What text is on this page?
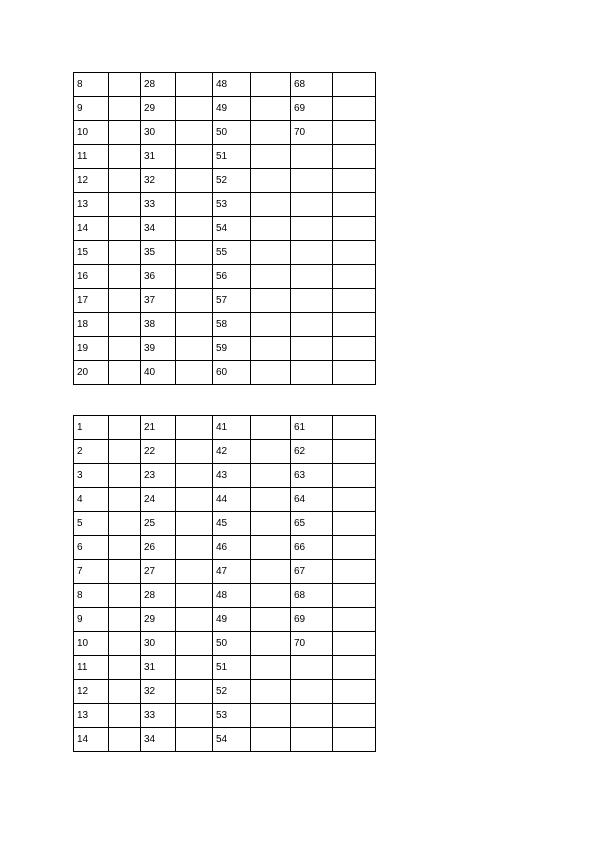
8		28		48		68	
9		29		49		69	
10		30		50		70	
11		31		51			
12		32		52			
13		33		53			
14		34		54			
15		35		55			
16		36		56			
17		37		57			
18		38		58			
19		39		59			
20		40		60			
1		21		41		61	
2		22		42		62	
3		23		43		63	
4		24		44		64	
5		25		45		65	
6		26		46		66	
7		27		47		67	
8		28		48		68	
9		29		49		69	
10		30		50		70	
11		31		51			
12		32		52			
13		33		53			
14		34		54			
